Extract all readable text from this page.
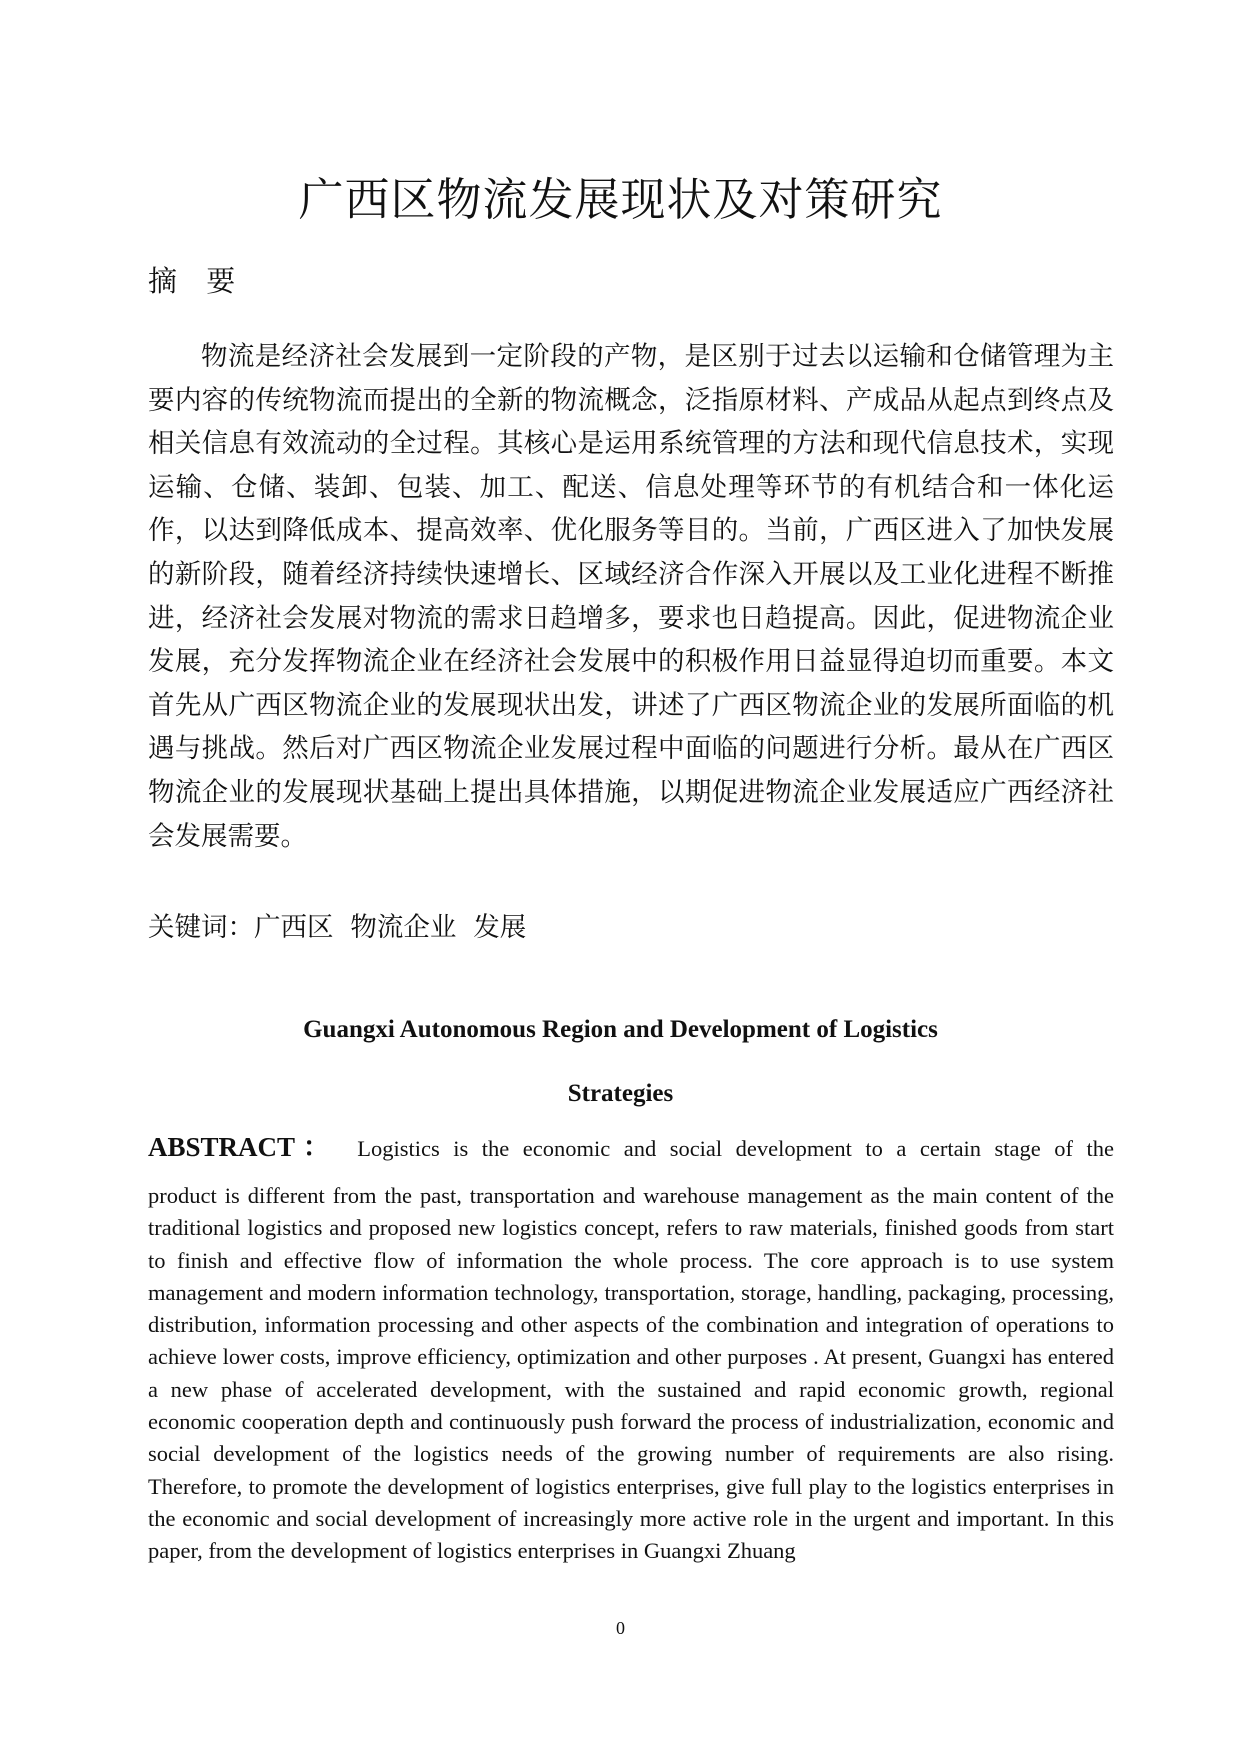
广西区物流发展现状及对策研究
摘 要
物流是经济社会发展到一定阶段的产物，是区别于过去以运输和仓储管理为主要内容的传统物流而提出的全新的物流概念，泛指原材料、产成品从起点到终点及相关信息有效流动的全过程。其核心是运用系统管理的方法和现代信息技术，实现运输、仓储、装卸、包装、加工、配送、信息处理等环节的有机结合和一体化运作，以达到降低成本、提高效率、优化服务等目的。当前，广西区进入了加快发展的新阶段，随着经济持续快速增长、区域经济合作深入开展以及工业化进程不断推进，经济社会发展对物流的需求日趋增多，要求也日趋提高。因此，促进物流企业发展，充分发挥物流企业在经济社会发展中的积极作用日益显得迫切而重要。本文首先从广西区物流企业的发展现状出发，讲述了广西区物流企业的发展所面临的机遇与挑战。然后对广西区物流企业发展过程中面临的问题进行分析。最从在广西区物流企业的发展现状基础上提出具体措施，以期促进物流企业发展适应广西经济社会发展需要。
关键词：广西区  物流企业  发展
Guangxi Autonomous Region and Development of Logistics
Strategies
ABSTRACT： Logistics is the economic and social development to a certain stage of the
product is different from the past, transportation and warehouse management as the main content of the traditional logistics and proposed new logistics concept, refers to raw materials, finished goods from start to finish and effective flow of information the whole process. The core approach is to use system management and modern information technology, transportation, storage, handling, packaging, processing, distribution, information processing and other aspects of the combination and integration of operations to achieve lower costs, improve efficiency, optimization and other purposes . At present, Guangxi has entered a new phase of accelerated development, with the sustained and rapid economic growth, regional economic cooperation depth and continuously push forward the process of industrialization, economic and social development of the logistics needs of the growing number of requirements are also rising. Therefore, to promote the development of logistics enterprises, give full play to the logistics enterprises in the economic and social development of increasingly more active role in the urgent and important. In this paper, from the development of logistics enterprises in Guangxi Zhuang
0
